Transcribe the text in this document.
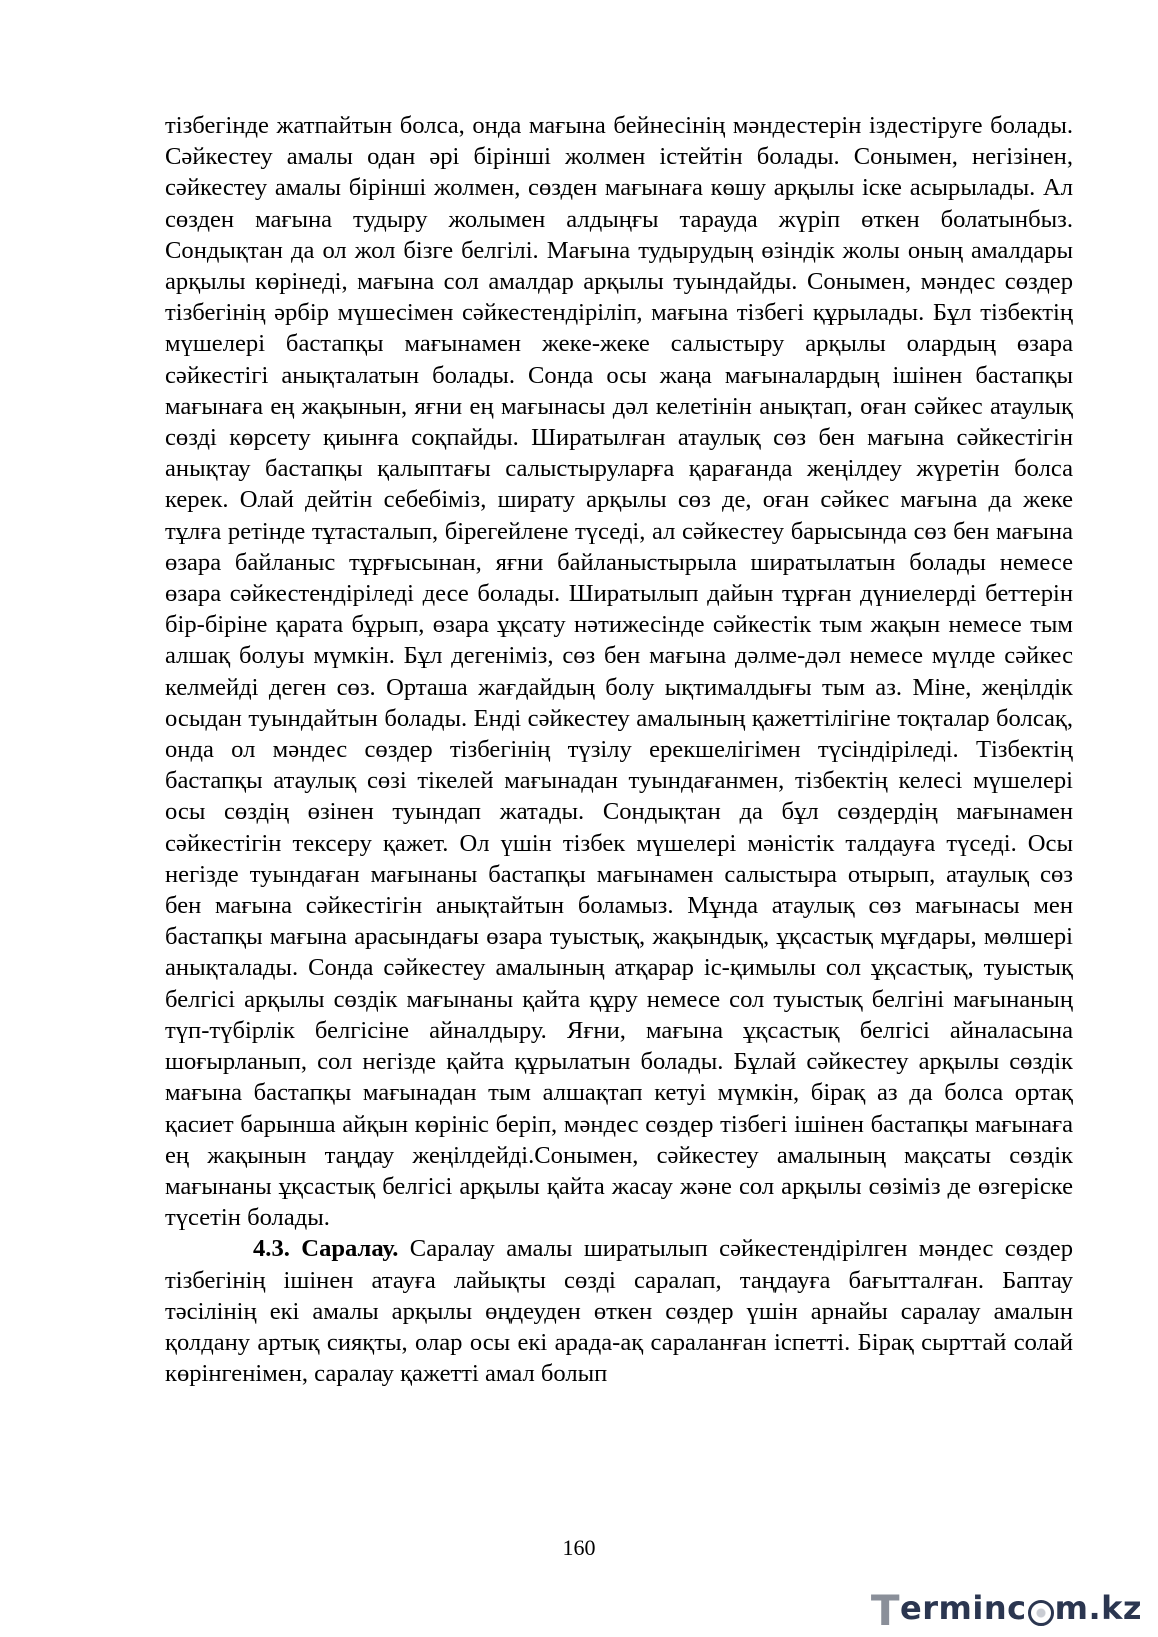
тізбегінде жатпайтын болса, онда мағына бейнесінің мәндестерін іздестіруге болады. Сәйкестеу амалы одан әрі бірінші жолмен істейтін болады. Сонымен, негізінен, сәйкестеу амалы бірінші жолмен, сөзден мағынаға көшу арқылы іске асырылады. Ал сөзден мағына тудыру жолымен алдыңғы тарауда жүріп өткен болатынбыз. Сондықтан да ол жол бізге белгілі. Мағына тудырудың өзіндік жолы оның амалдары арқылы көрінеді, мағына сол амалдар арқылы туындайды. Сонымен, мәндес сөздер тізбегінің әрбір мүшесімен сәйкестендіріліп, мағына тізбегі құрылады. Бұл тізбектің мүшелері бастапқы мағынамен жеке-жеке салыстыру арқылы олардың өзара сәйкестігі анықталатын болады. Сонда осы жаңа мағыналардың ішінен бастапқы мағынаға ең жақынын, яғни ең мағынасы дәл келетінін анықтап, оған сәйкес атаулық сөзді көрсету қиынға соқпайды. Ширатылған атаулық сөз бен мағына сәйкестігін анықтау бастапқы қалыптағы салыстыруларға қарағанда жеңілдеу жүретін болса керек. Олай дейтін себебіміз, ширату арқылы сөз де, оған сәйкес мағына да жеке тұлға ретінде тұтасталып, бірегейлене түседі, ал сәйкестеу барысында сөз бен мағына өзара байланыс тұрғысынан, яғни байланыстырыла ширатылатын болады немесе өзара сәйкестендіріледі десе болады. Ширатылып дайын тұрған дүниелерді беттерін бір-біріне қарата бұрып, өзара ұқсату нәтижесінде сәйкестік тым жақын немесе тым алшақ болуы мүмкін. Бұл дегеніміз, сөз бен мағына дәлме-дәл немесе мүлде сәйкес келмейді деген сөз. Орташа жағдайдың болу ықтималдығы тым аз. Міне, жеңілдік осыдан туындайтын болады. Енді сәйкестеу амалының қажеттілігіне тоқталар болсақ, онда ол мәндес сөздер тізбегінің түзілу ерекшелігімен түсіндіріледі. Тізбектің бастапқы атаулық сөзі тікелей мағынадан туындағанмен, тізбектің келесі мүшелері осы сөздің өзінен туындап жатады. Сондықтан да бұл сөздердің мағынамен сәйкестігін тексеру қажет. Ол үшін тізбек мүшелері мәністік талдауға түседі. Осы негізде туындаған мағынаны бастапқы мағынамен салыстыра отырып, атаулық сөз бен мағына сәйкестігін анықтайтын боламыз. Мұнда атаулық сөз мағынасы мен бастапқы мағына арасындағы өзара туыстық, жақындық, ұқсастық мұғдары, мөлшері анықталады. Сонда сәйкестеу амалының атқарар іс-қимылы сол ұқсастық, туыстық белгісі арқылы сөздік мағынаны қайта құру немесе сол туыстық белгіні мағынаның түп-түбірлік белгісіне айналдыру. Яғни, мағына ұқсастық белгісі айналасына шоғырланып, сол негізде қайта құрылатын болады. Бұлай сәйкестеу арқылы сөздік мағына бастапқы мағынадан тым алшақтап кетуі мүмкін, бірақ аз да болса ортақ қасиет барынша айқын көрініс беріп, мәндес сөздер тізбегі ішінен бастапқы мағынаға ең жақынын таңдау жеңілдейді.Сонымен, сәйкестеу амалының мақсаты сөздік мағынаны ұқсастық белгісі арқылы қайта жасау және сол арқылы сөзіміз де өзгеріске түсетін болады.

4.3. Саралау. Саралау амалы ширатылып сәйкестендірілген мәндес сөздер тізбегінің ішінен атауға лайықты сөзді саралап, таңдауға бағытталған. Баптау тәсілінің екі амалы арқылы өңдеуден өткен сөздер үшін арнайы саралау амалын қолдану артық сияқты, олар осы екі арада-ақ сараланған іспетті. Бірақ сырттай солай көрінгенімен, саралау қажетті амал болып

160
T ermin c m.kz
